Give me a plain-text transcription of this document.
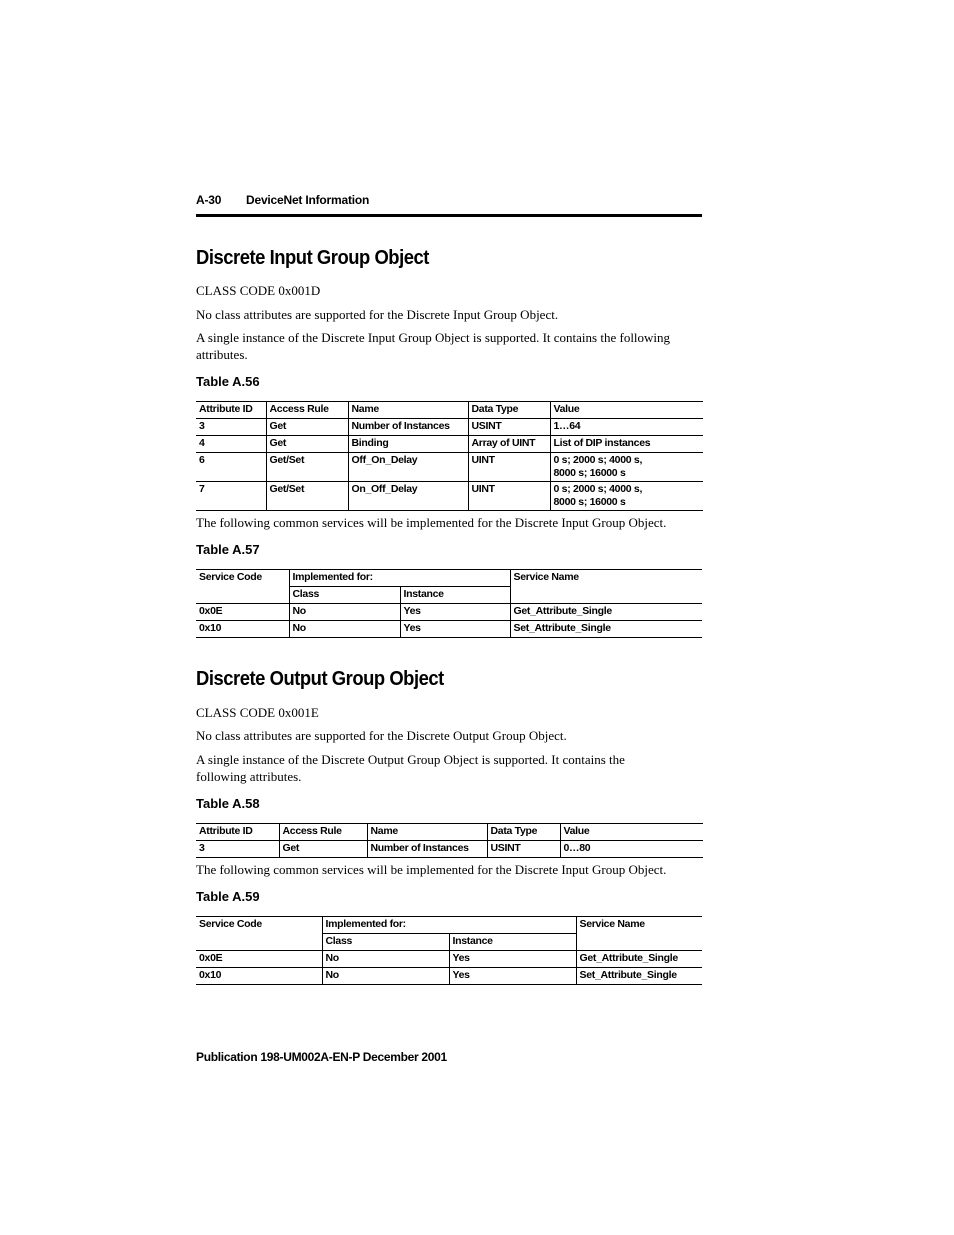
A-30 DeviceNet Information
Discrete Input Group Object
CLASS CODE 0x001D
No class attributes are supported for the Discrete Input Group Object.
A single instance of the Discrete Input Group Object is supported. It contains the following attributes.
Table A.56
Attribute ID	Access Rule	Name	Data Type	Value
3	Get	Number of Instances	USINT	1…64
4	Get	Binding	Array of UINT	List of DIP instances
6	Get/Set	Off_On_Delay	UINT	0 s; 2000 s; 4000 s,
8000 s; 16000 s

7	Get/Set	On_Off_Delay	UINT	0 s; 2000 s; 4000 s,
8000 s; 16000 s
The following common services will be implemented for the Discrete Input Group Object.
Table A.57
Service Code	Implemented for:		Service Name
	Class	Instance	
0x0E	No	Yes	Get_Attribute_Single
0x10	No	Yes	Set_Attribute_Single
Discrete Output Group Object
CLASS CODE 0x001E
No class attributes are supported for the Discrete Output Group Object.
A single instance of the Discrete Output Group Object is supported. It contains the following attributes.
Table A.58
Attribute ID	Access Rule	Name	Data Type	Value
3	Get	Number of Instances	USINT	0…80
The following common services will be implemented for the Discrete Input Group Object.
Table A.59
Service Code	Implemented for:		Service Name
	Class	Instance	
0x0E	No	Yes	Get_Attribute_Single
0x10	No	Yes	Set_Attribute_Single
Publication 198-UM002A-EN-P December 2001
